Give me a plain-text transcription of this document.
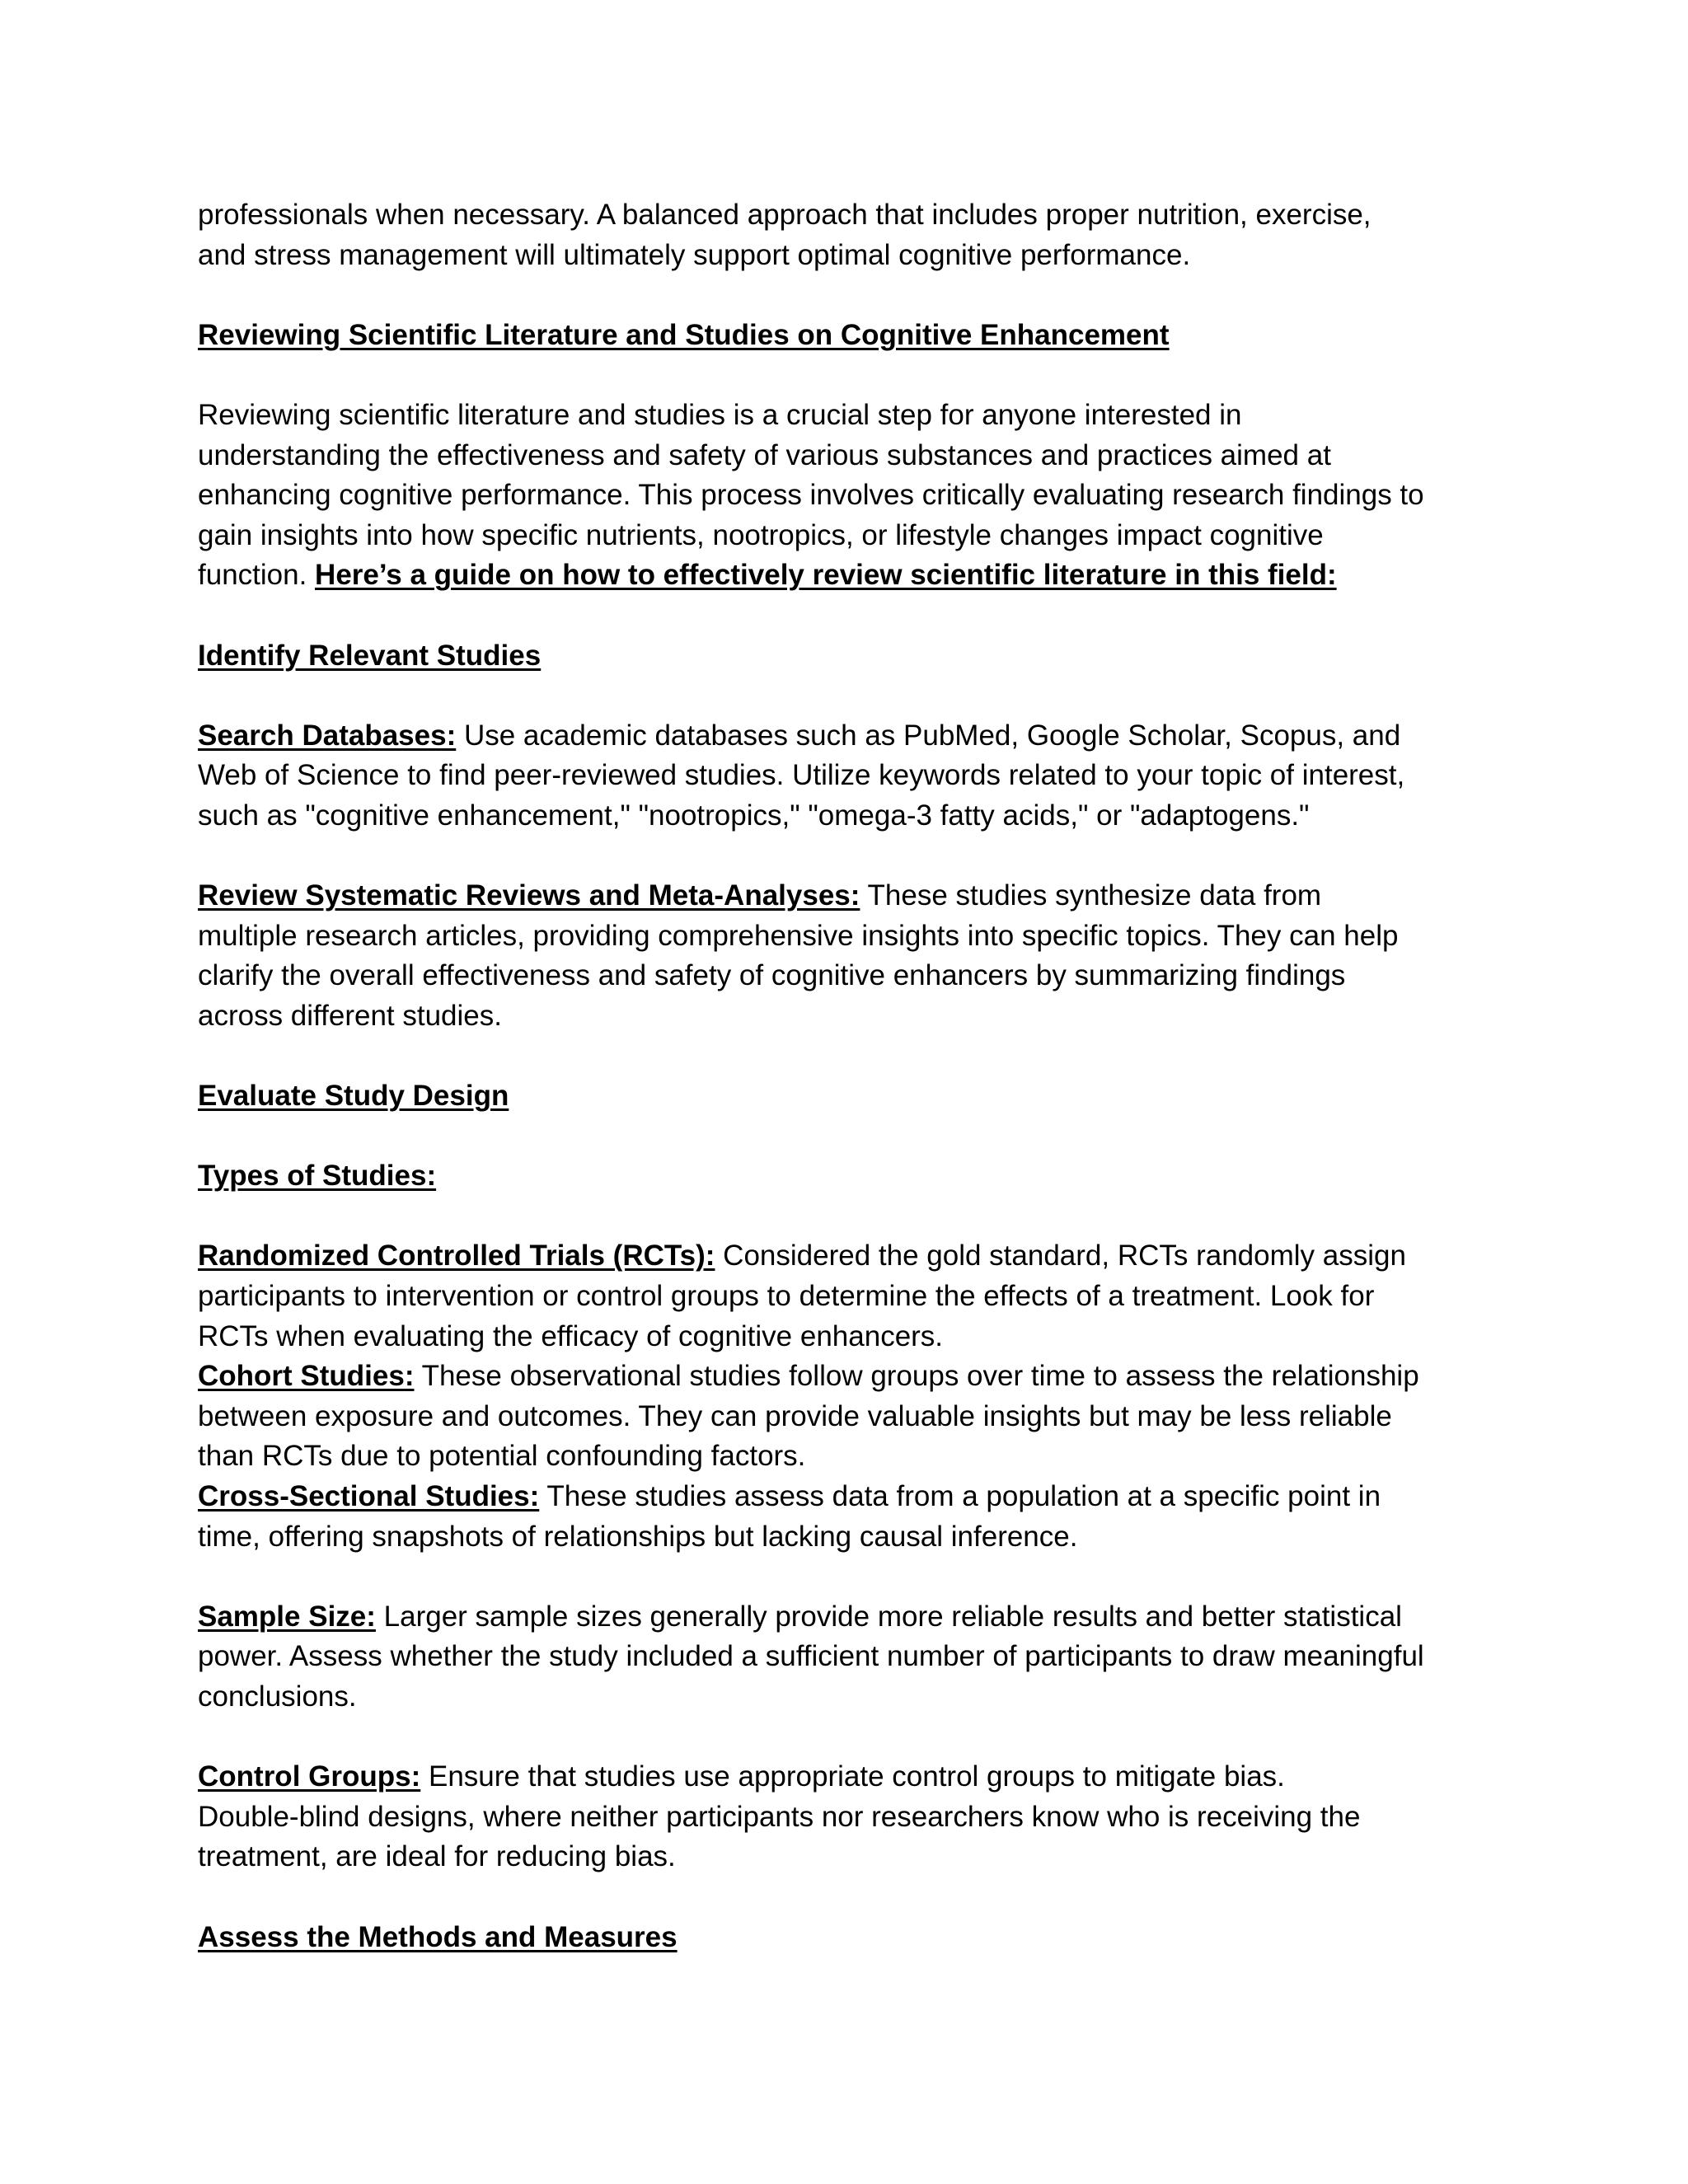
professionals when necessary. A balanced approach that includes proper nutrition, exercise,
and stress management will ultimately support optimal cognitive performance.

Reviewing Scientific Literature and Studies on Cognitive Enhancement

Reviewing scientific literature and studies is a crucial step for anyone interested in
understanding the effectiveness and safety of various substances and practices aimed at
enhancing cognitive performance. This process involves critically evaluating research findings to
gain insights into how specific nutrients, nootropics, or lifestyle changes impact cognitive
function. Here’s a guide on how to effectively review scientific literature in this field:

Identify Relevant Studies

Search Databases: Use academic databases such as PubMed, Google Scholar, Scopus, and
Web of Science to find peer-reviewed studies. Utilize keywords related to your topic of interest,
such as "cognitive enhancement," "nootropics," "omega-3 fatty acids," or "adaptogens."

Review Systematic Reviews and Meta-Analyses: These studies synthesize data from
multiple research articles, providing comprehensive insights into specific topics. They can help
clarify the overall effectiveness and safety of cognitive enhancers by summarizing findings
across different studies.

Evaluate Study Design

Types of Studies:

Randomized Controlled Trials (RCTs): Considered the gold standard, RCTs randomly assign
participants to intervention or control groups to determine the effects of a treatment. Look for
RCTs when evaluating the efficacy of cognitive enhancers.

Cohort Studies: These observational studies follow groups over time to assess the relationship
between exposure and outcomes. They can provide valuable insights but may be less reliable
than RCTs due to potential confounding factors.

Cross-Sectional Studies: These studies assess data from a population at a specific point in
time, offering snapshots of relationships but lacking causal inference.

Sample Size: Larger sample sizes generally provide more reliable results and better statistical
power. Assess whether the study included a sufficient number of participants to draw meaningful
conclusions.

Control Groups: Ensure that studies use appropriate control groups to mitigate bias.
Double-blind designs, where neither participants nor researchers know who is receiving the
treatment, are ideal for reducing bias.

Assess the Methods and Measures
